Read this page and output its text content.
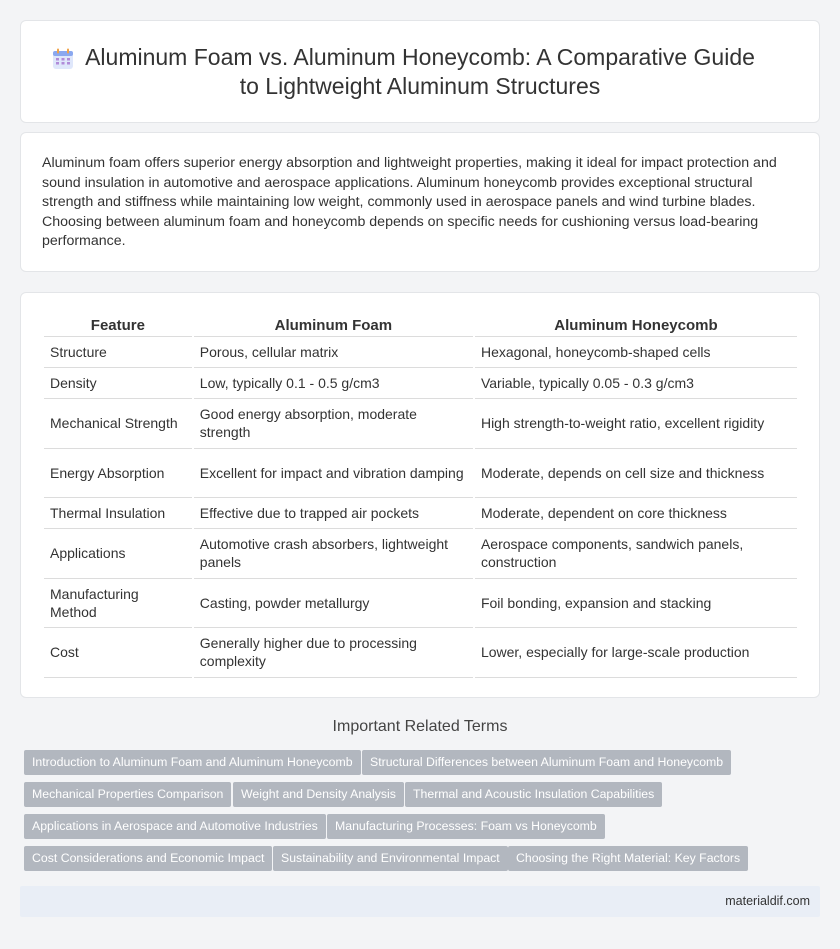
Aluminum Foam vs. Aluminum Honeycomb: A Comparative Guide
to Lightweight Aluminum Structures

Aluminum foam offers superior energy absorption and lightweight properties, making it ideal for impact protection and sound insulation in automotive and aerospace applications. Aluminum honeycomb provides exceptional structural strength and stiffness while maintaining low weight, commonly used in aerospace panels and wind turbine blades. Choosing between aluminum foam and honeycomb depends on specific needs for cushioning versus load-bearing performance.

Feature	Aluminum Foam	Aluminum Honeycomb
Structure	Porous, cellular matrix	Hexagonal, honeycomb-shaped cells
Density	Low, typically 0.1 - 0.5 g/cm3	Variable, typically 0.05 - 0.3 g/cm3
Mechanical Strength	Good energy absorption, moderate strength	High strength-to-weight ratio, excellent rigidity
Energy Absorption	Excellent for impact and vibration damping	Moderate, depends on cell size and thickness
Thermal Insulation	Effective due to trapped air pockets	Moderate, dependent on core thickness
Applications	Automotive crash absorbers, lightweight panels	Aerospace components, sandwich panels, construction
Manufacturing Method	Casting, powder metallurgy	Foil bonding, expansion and stacking
Cost	Generally higher due to processing complexity	Lower, especially for large-scale production
Important Related Terms
Introduction to Aluminum Foam and Aluminum Honeycomb	Structural Differences between Aluminum Foam and Honeycomb
Mechanical Properties Comparison	Weight and Density Analysis	Thermal and Acoustic Insulation Capabilities
Applications in Aerospace and Automotive Industries	Manufacturing Processes: Foam vs Honeycomb
Cost Considerations and Economic Impact	Sustainability and Environmental Impact	Choosing the Right Material: Key Factors
materialdif.com
